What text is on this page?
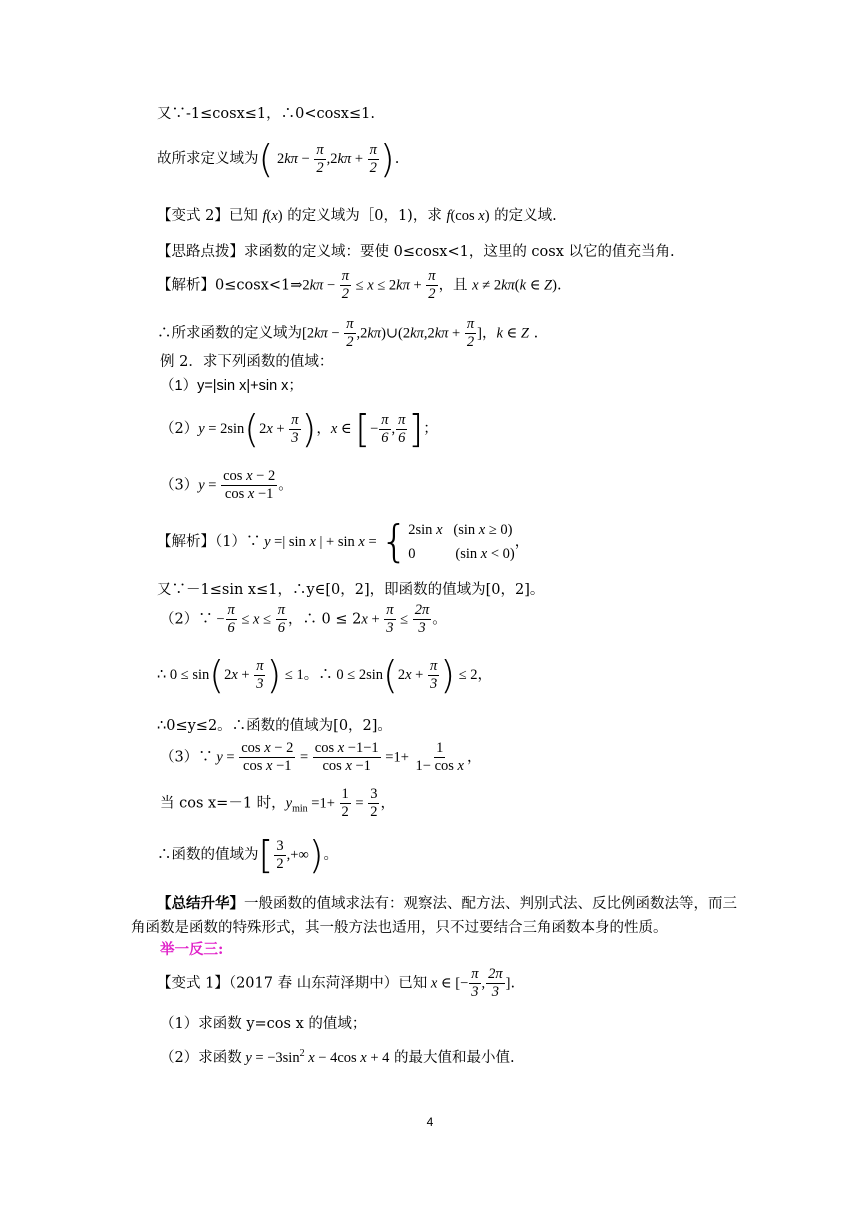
又∵-1≤cosx≤1，∴0<cosx≤1.
故所求定义域为( $2k\pi - \frac{\pi}{2} ,2k\pi + \frac{\pi}{2}$ ).
【变式 2】已知 f(x) 的定义域为［0，1)，求 f(cos x) 的定义域.
【思路点拨】求函数的定义域：要使 0≤cosx<1，这里的 cosx 以它的值充当角.
【解析】0≤cosx<1⇒2kπ − $\frac{\pi}{2} \le x \le 2k\pi + \frac{\pi}{2}$ ，且 x ≠ 2kπ(k ∈ Z).
∴所求函数的定义域为[$2k\pi - \frac{\pi}{2}$ ,2kπ)∪(2kπ,2kπ + $\frac{\pi}{2}$ ]，k ∈ Z .
例 2．求下列函数的值域：
（1）y=|sin x|+sin x；
$(2)y = 2\sin(2x + \frac{\pi}{3}$ )，x ∈ [− $\frac{\pi}{6}$ , $\frac{\pi}{6}$ ]；
$(3)y = \frac{\text{cos x − 2}}{\text{cos x −1}}$ 。
【解析】（1）∵ y =| sin x | + sin x = { 2sin x   (sin x ≥ 0)
0           (sin x < 0)
，
又∵－1≤sin x≤1，∴y∈[0，2]，即函数的值域为[0，2]。
（2）∵ − $\frac{\pi}{6} \le x \le \frac{\pi}{6}$ ，∴ $0 \le 2x + \frac{\pi}{3} \le \frac{2\pi}{3}$ 。
∴ $0 \le \sin(2x + \frac{\pi}{3}$ ) ≤ 1。∴ $0 \le 2\sin(2x + \frac{\pi}{3}$ ) ≤ 2，
∴0≤y≤2。∴函数的值域为[0，2]。
（3）∵ $y = \frac{\text{cos x − 2}}{\text{cos x −1}} = \frac{\text{cos x −1−1}}{\text{cos x −1}} =1+ \frac{1}{\text{1− cos x}}$ ，
当 cos x=－1 时，$y_{min} =1+ \frac{1}{2} = \frac{3}{2}$ ，
∴函数的值域为[ $\frac{3}{2}$ ,+∞)。
【总结升华】一般函数的值域求法有：观察法、配方法、判别式法、反比例函数法等，而三角函数是函数的特殊形式，其一般方法也适用，只不过要结合三角函数本身的性质。
举一反三:
【变式 1】（2017 春 山东菏泽期中）已知 x ∈ [− $\frac{\pi}{3}$ , $\frac{2\pi}{3}$ ].
（1）求函数 y=cos x 的值域；
（2）求函数 $y = -3\sin^2$ x − 4cos x + 4 的最大值和最小值.
4
